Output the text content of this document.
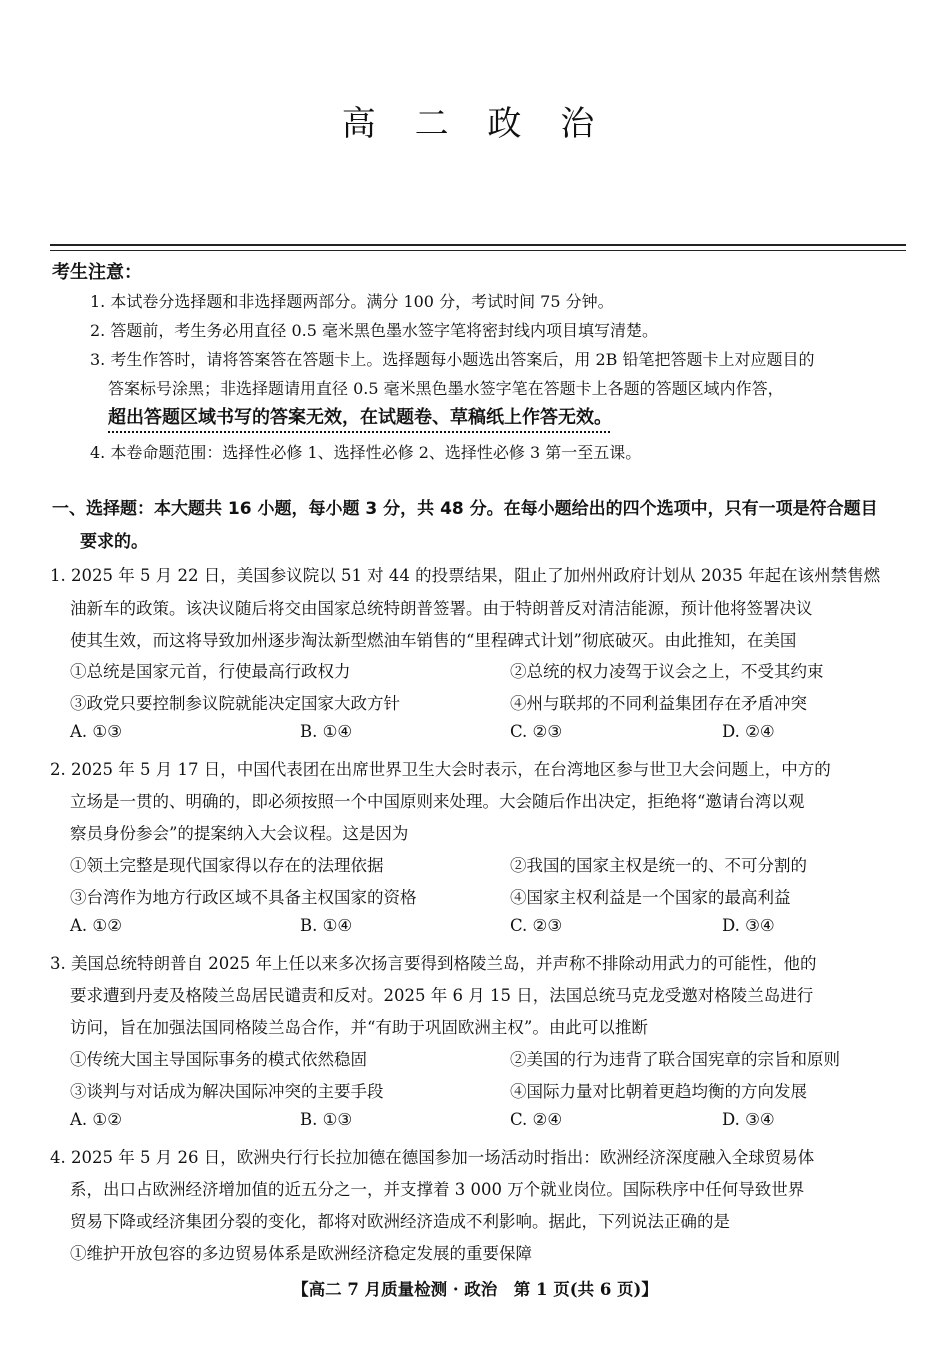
高 二 政 治
考生注意：
1. 本试卷分选择题和非选择题两部分。满分 100 分，考试时间 75 分钟。
2. 答题前，考生务必用直径 0.5 毫米黑色墨水签字笔将密封线内项目填写清楚。
3. 考生作答时，请将答案答在答题卡上。选择题每小题选出答案后，用 2B 铅笔把答题卡上对应题目的
答案标号涂黑；非选择题请用直径 0.5 毫米黑色墨水签字笔在答题卡上各题的答题区域内作答，
超出答题区域书写的答案无效，在试题卷、草稿纸上作答无效。
4. 本卷命题范围：选择性必修 1、选择性必修 2、选择性必修 3 第一至五课。
一、选择题：本大题共 16 小题，每小题 3 分，共 48 分。在每小题给出的四个选项中，只有一项是符合题目
要求的。
1. 2025 年 5 月 22 日，美国参议院以 51 对 44 的投票结果，阻止了加州州政府计划从 2035 年起在该州禁售燃
油新车的政策。该决议随后将交由国家总统特朗普签署。由于特朗普反对清洁能源，预计他将签署决议
使其生效，而这将导致加州逐步淘汰新型燃油车销售的“里程碑式计划”彻底破灭。由此推知，在美国
①总统是国家元首，行使最高行政权力	②总统的权力凌驾于议会之上，不受其约束
③政党只要控制参议院就能决定国家大政方针	④州与联邦的不同利益集团存在矛盾冲突
A. ①③	B. ①④	C. ②③	D. ②④
2. 2025 年 5 月 17 日，中国代表团在出席世界卫生大会时表示，在台湾地区参与世卫大会问题上，中方的
立场是一贯的、明确的，即必须按照一个中国原则来处理。大会随后作出决定，拒绝将“邀请台湾以观
察员身份参会”的提案纳入大会议程。这是因为
①领土完整是现代国家得以存在的法理依据	②我国的国家主权是统一的、不可分割的
③台湾作为地方行政区域不具备主权国家的资格	④国家主权利益是一个国家的最高利益
A. ①②	B. ①④	C. ②③	D. ③④
3. 美国总统特朗普自 2025 年上任以来多次扬言要得到格陵兰岛，并声称不排除动用武力的可能性，他的
要求遭到丹麦及格陵兰岛居民谴责和反对。2025 年 6 月 15 日，法国总统马克龙受邀对格陵兰岛进行
访问，旨在加强法国同格陵兰岛合作，并“有助于巩固欧洲主权”。由此可以推断
①传统大国主导国际事务的模式依然稳固	②美国的行为违背了联合国宪章的宗旨和原则
③谈判与对话成为解决国际冲突的主要手段	④国际力量对比朝着更趋均衡的方向发展
A. ①②	B. ①③	C. ②④	D. ③④
4. 2025 年 5 月 26 日，欧洲央行行长拉加德在德国参加一场活动时指出：欧洲经济深度融入全球贸易体
系，出口占欧洲经济增加值的近五分之一，并支撑着 3 000 万个就业岗位。国际秩序中任何导致世界
贸易下降或经济集团分裂的变化，都将对欧洲经济造成不利影响。据此，下列说法正确的是
①维护开放包容的多边贸易体系是欧洲经济稳定发展的重要保障
【高二 7 月质量检测 · 政治　第 1 页(共 6 页)】
